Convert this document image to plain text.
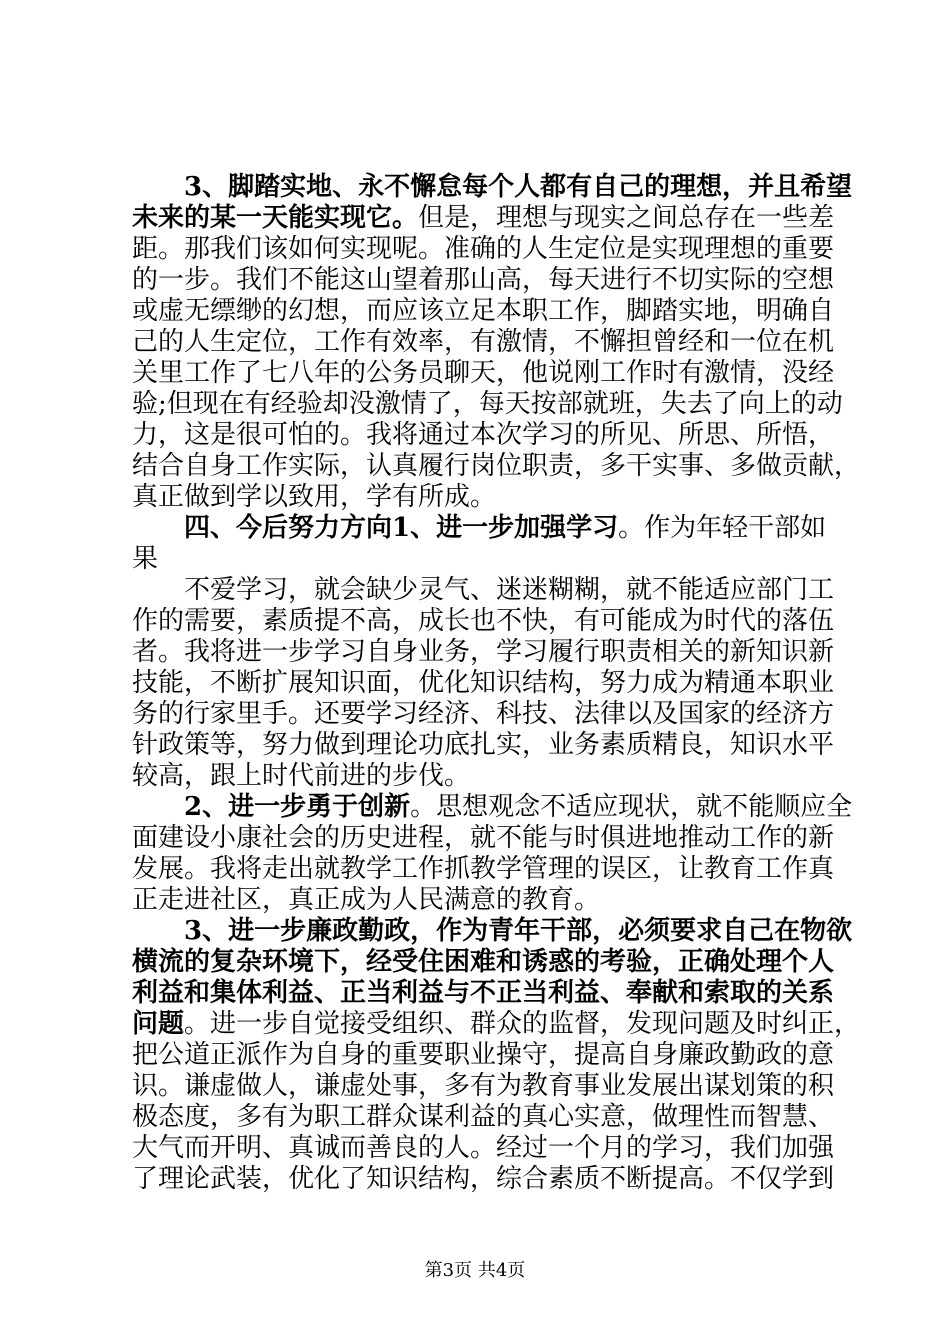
3、脚踏实地、永不懈怠每个人都有自己的理想，并且希望
未来的某一天能实现它。但是，理想与现实之间总存在一些差
距。那我们该如何实现呢。准确的人生定位是实现理想的重要
的一步。我们不能这山望着那山高，每天进行不切实际的空想
或虚无缥缈的幻想，而应该立足本职工作，脚踏实地，明确自
己的人生定位，工作有效率，有激情，不懈担曾经和一位在机
关里工作了七八年的公务员聊天，他说刚工作时有激情，没经
验;但现在有经验却没激情了，每天按部就班，失去了向上的动
力，这是很可怕的。我将通过本次学习的所见、所思、所悟，
结合自身工作实际，认真履行岗位职责，多干实事、多做贡献，
真正做到学以致用，学有所成。
四、今后努力方向1、进一步加强学习。作为年轻干部如
果
不爱学习，就会缺少灵气、迷迷糊糊，就不能适应部门工
作的需要，素质提不高，成长也不快，有可能成为时代的落伍
者。我将进一步学习自身业务，学习履行职责相关的新知识新
技能，不断扩展知识面，优化知识结构，努力成为精通本职业
务的行家里手。还要学习经济、科技、法律以及国家的经济方
针政策等，努力做到理论功底扎实，业务素质精良，知识水平
较高，跟上时代前进的步伐。
2、进一步勇于创新。思想观念不适应现状，就不能顺应全
面建设小康社会的历史进程，就不能与时俱进地推动工作的新
发展。我将走出就教学工作抓教学管理的误区，让教育工作真
正走进社区，真正成为人民满意的教育。
3、进一步廉政勤政，作为青年干部，必须要求自己在物欲
横流的复杂环境下，经受住困难和诱惑的考验，正确处理个人
利益和集体利益、正当利益与不正当利益、奉献和索取的关系
问题。进一步自觉接受组织、群众的监督，发现问题及时纠正，
把公道正派作为自身的重要职业操守，提高自身廉政勤政的意
识。谦虚做人，谦虚处事，多有为教育事业发展出谋划策的积
极态度，多有为职工群众谋利益的真心实意，做理性而智慧、
大气而开明、真诚而善良的人。经过一个月的学习，我们加强
了理论武装，优化了知识结构，综合素质不断提高。不仅学到
第3页 共4页
